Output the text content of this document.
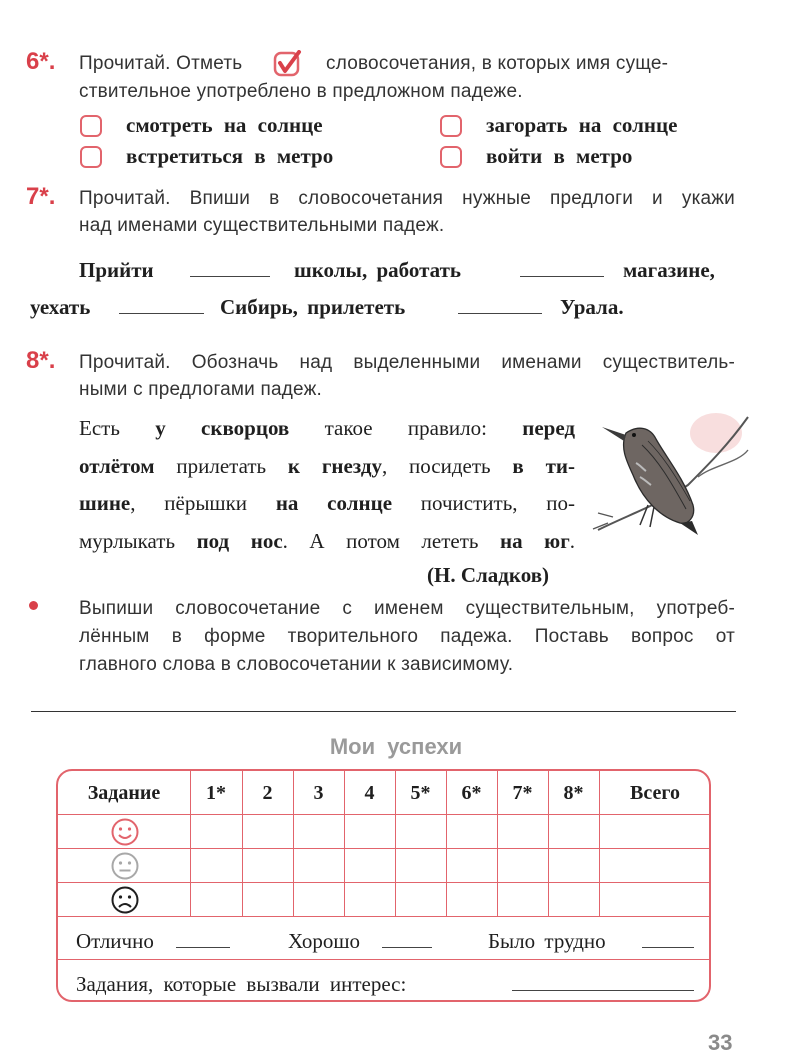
6*. Прочитай. Отметь	словосочетания, в которых имя суще-
ствительное употреблено в предложном падеже.
смотреть на солнце	загорать на солнце
встретиться в метро	войти в метро
7*. Прочитай. Впиши в словосочетания нужные предлоги и укажи
над именами существительными падеж.
Прийти	школы, работать	магазине,
уехать	Сибирь, прилететь	Урала.
8*. Прочитай. Обозначь над выделенными именами существитель-
ными с предлогами падеж.
Есть у скворцов такое правило: перед
отлётом прилетать к гнезду, посидеть в ти-
шине, пёрышки на солнце почистить, по-
мурлыкать под нос. А потом лететь на юг.
(Н. Сладков)
Выпиши словосочетание с именем существительным, употреб-
лённым в форме творительного падежа. Поставь вопрос от
главного слова в словосочетании к зависимому.
Мои успехи
Задание	1*	2	3	4	5*	6*	7*	8*	Всего
Отлично	Хорошо	Было трудно
Задания, которые вызвали интерес:
33
